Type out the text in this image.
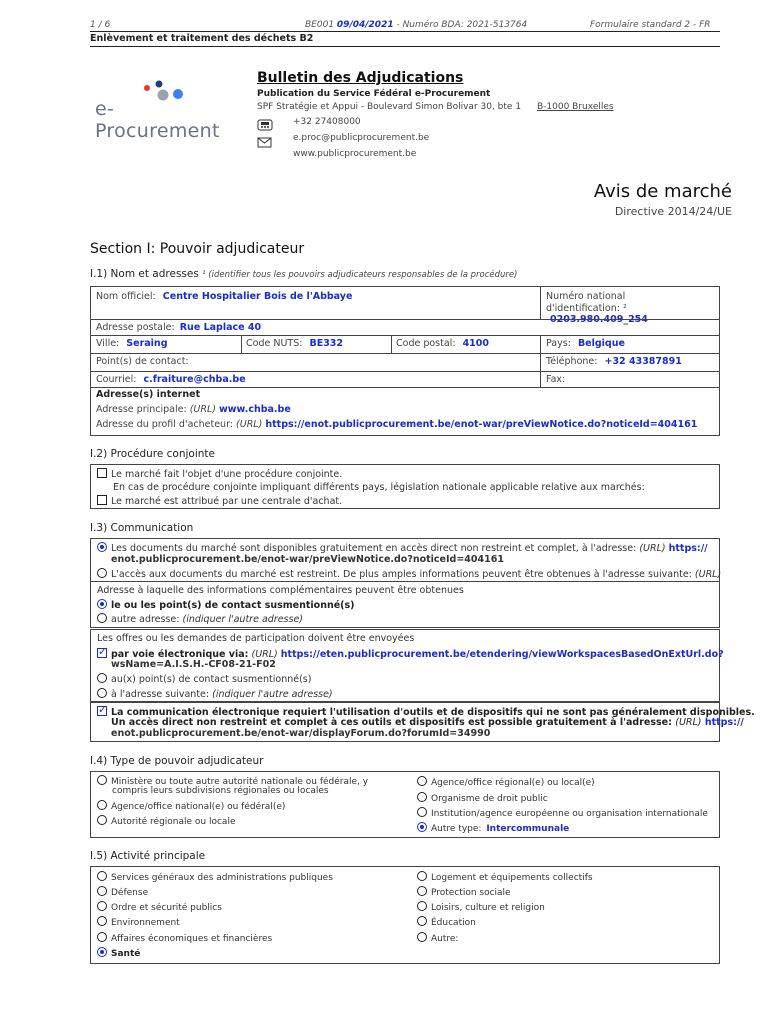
1 / 6	BE001 09/04/2021 - Numéro BDA: 2021-513764	Formulaire standard 2 - FR
Enlèvement et traitement des déchets B2
e-Procurement
Bulletin des Adjudications
Publication du Service Fédéral e-Procurement
SPF Stratégie et Appui - Boulevard Simon Bolivar 30, bte 1 B-1000 Bruxelles
+32 27408000
e.proc@publicprocurement.be
www.publicprocurement.be
Avis de marché
Directive 2014/24/UE
Section I: Pouvoir adjudicateur
I.1) Nom et adresses ¹ (identifier tous les pouvoirs adjudicateurs responsables de la procédure)
Nom officiel: Centre Hospitalier Bois de l'Abbaye	Numéro national
d'identification: ² 0203.980.409_254
Adresse postale: Rue Laplace 40
Ville: Seraing	Code NUTS: BE332	Code postal: 4100	Pays: Belgique
Point(s) de contact:	Téléphone: +32 43387891
Courriel: c.fraiture@chba.be	Fax:
Adresse(s) internet
Adresse principale: (URL) www.chba.be
Adresse du profil d'acheteur: (URL) https://enot.publicprocurement.be/enot-war/preViewNotice.do?noticeId=404161
I.2) Procédure conjointe
Le marché fait l'objet d'une procédure conjointe.
En cas de procédure conjointe impliquant différents pays, législation nationale applicable relative aux marchés:
Le marché est attribué par une centrale d'achat.
I.3) Communication
Les documents du marché sont disponibles gratuitement en accès direct non restreint et complet, à l'adresse: (URL) https://
enot.publicprocurement.be/enot-war/preViewNotice.do?noticeId=404161
L'accès aux documents du marché est restreint. De plus amples informations peuvent être obtenues à l'adresse suivante: (URL)
Adresse à laquelle des informations complémentaires peuvent être obtenues
le ou les point(s) de contact susmentionné(s)
autre adresse: (indiquer l'autre adresse)
Les offres ou les demandes de participation doivent être envoyées
✓par voie électronique via: (URL) https://eten.publicprocurement.be/etendering/viewWorkspacesBasedOnExtUrl.do?
wsName=A.I.S.H.-CF08-21-F02
au(x) point(s) de contact susmentionné(s)
à l'adresse suivante: (indiquer l'autre adresse)
✓La communication électronique requiert l'utilisation d'outils et de dispositifs qui ne sont pas généralement disponibles.
Un accès direct non restreint et complet à ces outils et dispositifs est possible gratuitement à l'adresse: (URL) https://
enot.publicprocurement.be/enot-war/displayForum.do?forumId=34990
I.4) Type de pouvoir adjudicateur
Ministère ou toute autre autorité nationale ou fédérale, y
compris leurs subdivisions régionales ou locales
Agence/office national(e) ou fédéral(e)
Autorité régionale ou locale
Agence/office régional(e) ou local(e)
Organisme de droit public
Institution/agence européenne ou organisation internationale
Autre type: Intercommunale
I.5) Activité principale
Services généraux des administrations publiques
Défense
Ordre et sécurité publics
Environnement
Affaires économiques et financières
Santé
Logement et équipements collectifs
Protection sociale
Loisirs, culture et religion
Éducation
Autre:
